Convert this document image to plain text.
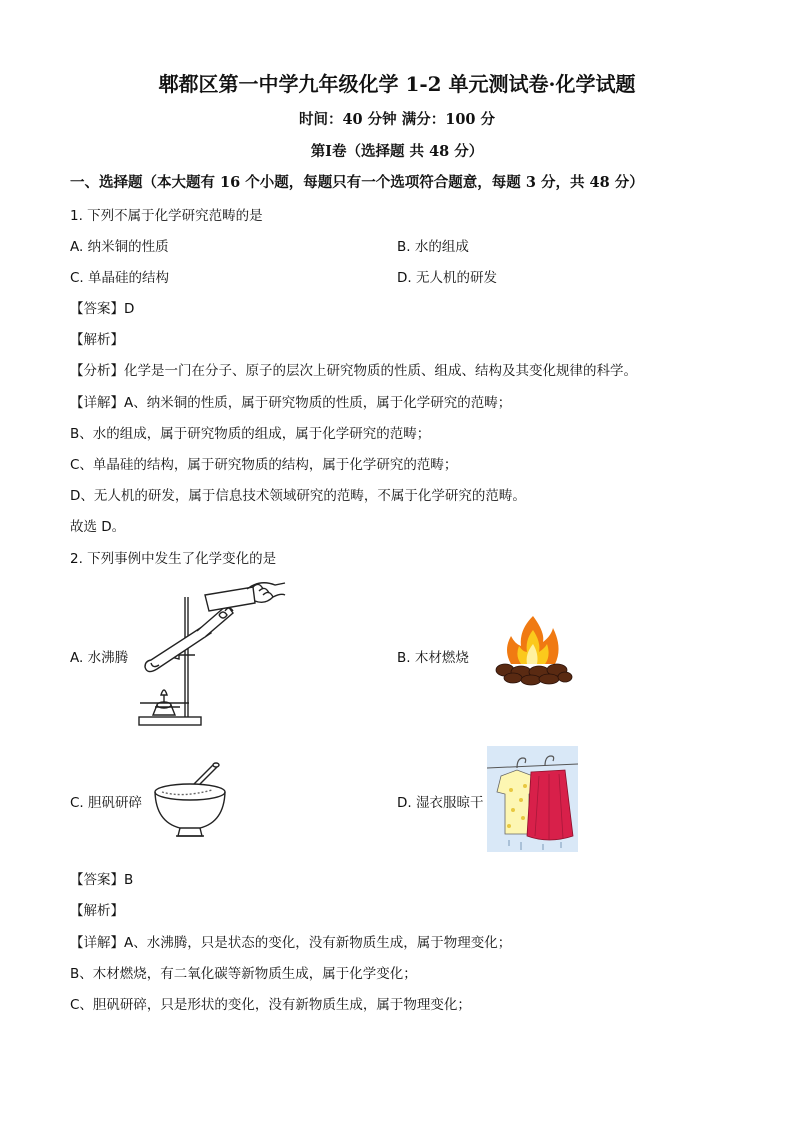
郫都区第一中学九年级化学 1-2 单元测试卷·化学试题
时间：40 分钟 满分：100 分
第Ⅰ卷（选择题 共 48 分）
一、选择题（本大题有 16 个小题，每题只有一个选项符合题意，每题 3 分，共 48 分）
1. 下列不属于化学研究范畴的是
A. 纳米铜的性质	B. 水的组成
C. 单晶硅的结构	D. 无人机的研发
【答案】D
【解析】
【分析】化学是一门在分子、原子的层次上研究物质的性质、组成、结构及其变化规律的科学。
【详解】A、纳米铜的性质，属于研究物质的性质，属于化学研究的范畴；
B、水的组成，属于研究物质的组成，属于化学研究的范畴；
C、单晶硅的结构，属于研究物质的结构，属于化学研究的范畴；
D、无人机的研发，属于信息技术领域研究的范畴，不属于化学研究的范畴。
故选 D。
2. 下列事例中发生了化学变化的是
A. 水沸腾	B. 木材燃烧
C. 胆矾研碎	D. 湿衣服晾干
【答案】B
【解析】
【详解】A、水沸腾，只是状态的变化，没有新物质生成，属于物理变化；
B、木材燃烧，有二氧化碳等新物质生成，属于化学变化；
C、胆矾研碎，只是形状的变化，没有新物质生成，属于物理变化；
